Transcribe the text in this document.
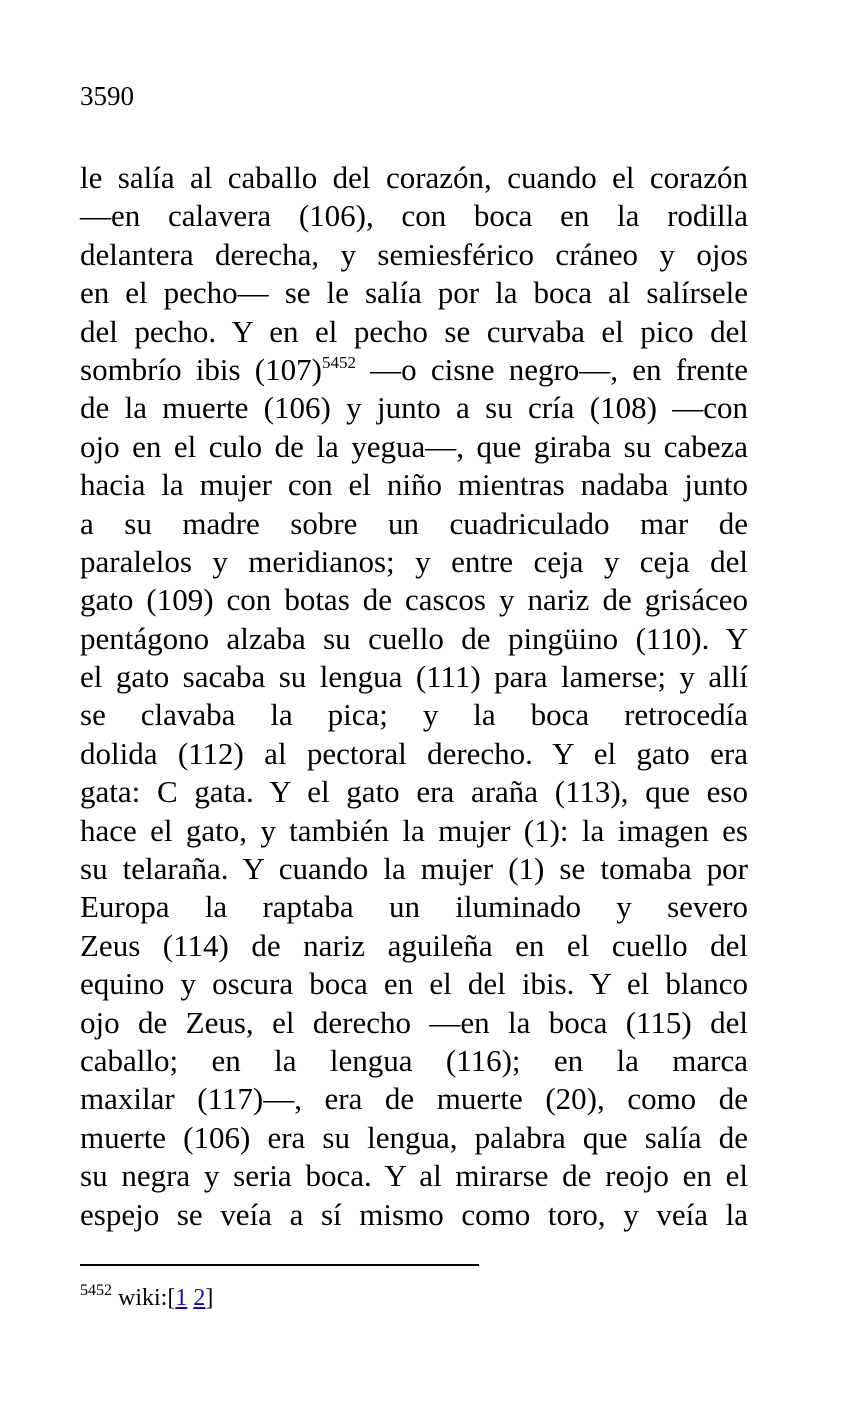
3590
le salía al caballo del corazón, cuando el corazón
—en calavera (106), con boca en la rodilla
delantera derecha, y semiesférico cráneo y ojos
en el pecho— se le salía por la boca al salírsele
del pecho. Y en el pecho se curvaba el pico del
sombrío ibis $(107)^{5452}$ —o cisne negro—, en frente
de la muerte (106) y junto a su cría (108) —con
ojo en el culo de la yegua—, que giraba su cabeza
hacia la mujer con el niño mientras nadaba junto
a su madre sobre un cuadriculado mar de
paralelos y meridianos; y entre ceja y ceja del
gato (109) con botas de cascos y nariz de grisáceo
pentágono alzaba su cuello de pingüino (110). Y
el gato sacaba su lengua (111) para lamerse; y allí
se clavaba la pica; y la boca retrocedía
dolida (112) al pectoral derecho. Y el gato era
gata: C gata. Y el gato era araña (113), que eso
hace el gato, y también la mujer (1): la imagen es
su telaraña. Y cuando la mujer (1) se tomaba por
Europa la raptaba un iluminado y severo
Zeus (114) de nariz aguileña en el cuello del
equino y oscura boca en el del ibis. Y el blanco
ojo de Zeus, el derecho —en la boca (115) del
caballo; en la lengua (116); en la marca
maxilar (117)—, era de muerte (20), como de
muerte (106) era su lengua, palabra que salía de
su negra y seria boca. Y al mirarse de reojo en el
espejo se veía a sí mismo como toro, y veía la
$^{5452}$ wiki:[1 2]
